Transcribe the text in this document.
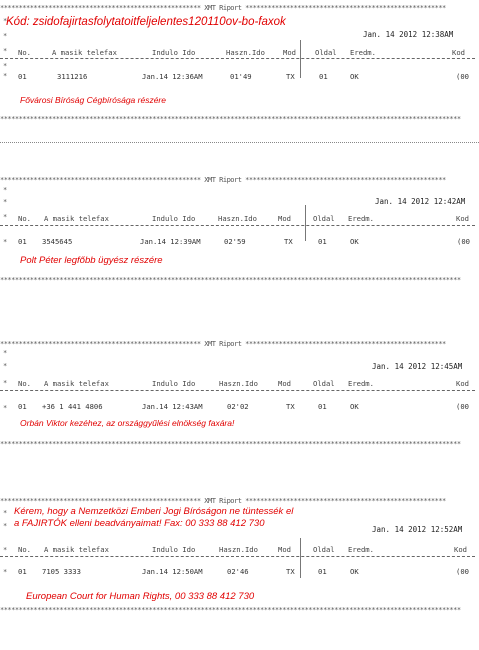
****************************************************** XMT Riport ******************************************************
Kód: zsidofajirtasfolytatoitfeljelentes120110ov-bo-faxok
*
*	Jan. 14 2012 12:38AM
* No.	A masik telefax	Indulo Ido	Haszn.Ido	Mod	Oldal Eredm.	Kod
*
* 01	3111216	Jan.14 12:36AM	01'49	TX	01	OK	(00
Fővárosi Bíróság Cégbírósága részére
****************************************************************************************************************************
****************************************************** XMT Riport ******************************************************
*
*	Jan. 14 2012 12:42AM
* No. A masik telefax	Indulo Ido	Haszn.Ido	Mod	Oldal Eredm.	Kod
* 01 3545645	Jan.14 12:39AM	02'59	TX	01	OK	(00
Polt Péter legfőbb ügyész részére
****************************************************************************************************************************
****************************************************** XMT Riport ******************************************************
*
*	Jan. 14 2012 12:45AM
* No. A masik telefax	Indulo Ido	Haszn.Ido	Mod	Oldal Eredm.	Kod
* 01 +36 1 441 4806	Jan.14 12:43AM	02'02	TX	01	OK	(00
Orbán Viktor kezéhez, az országgyűlési elnökség faxára!
****************************************************************************************************************************
****************************************************** XMT Riport ******************************************************
* Kérem, hogy a Nemzetközi Emberi Jogi Bíróságon ne tüntessék el
a FAJIRTÓK elleni beadványaimat! Fax: 00 333 88 412 730
*	Jan. 14 2012 12:52AM
* No. A masik telefax	Indulo Ido	Haszn.Ido	Mod	Oldal Eredm.	Kod
* 01 7105 3333	Jan.14 12:50AM	02'46	TX	01	OK	(00
European Court for Human Rights, 00 333 88 412 730
****************************************************************************************************************************
